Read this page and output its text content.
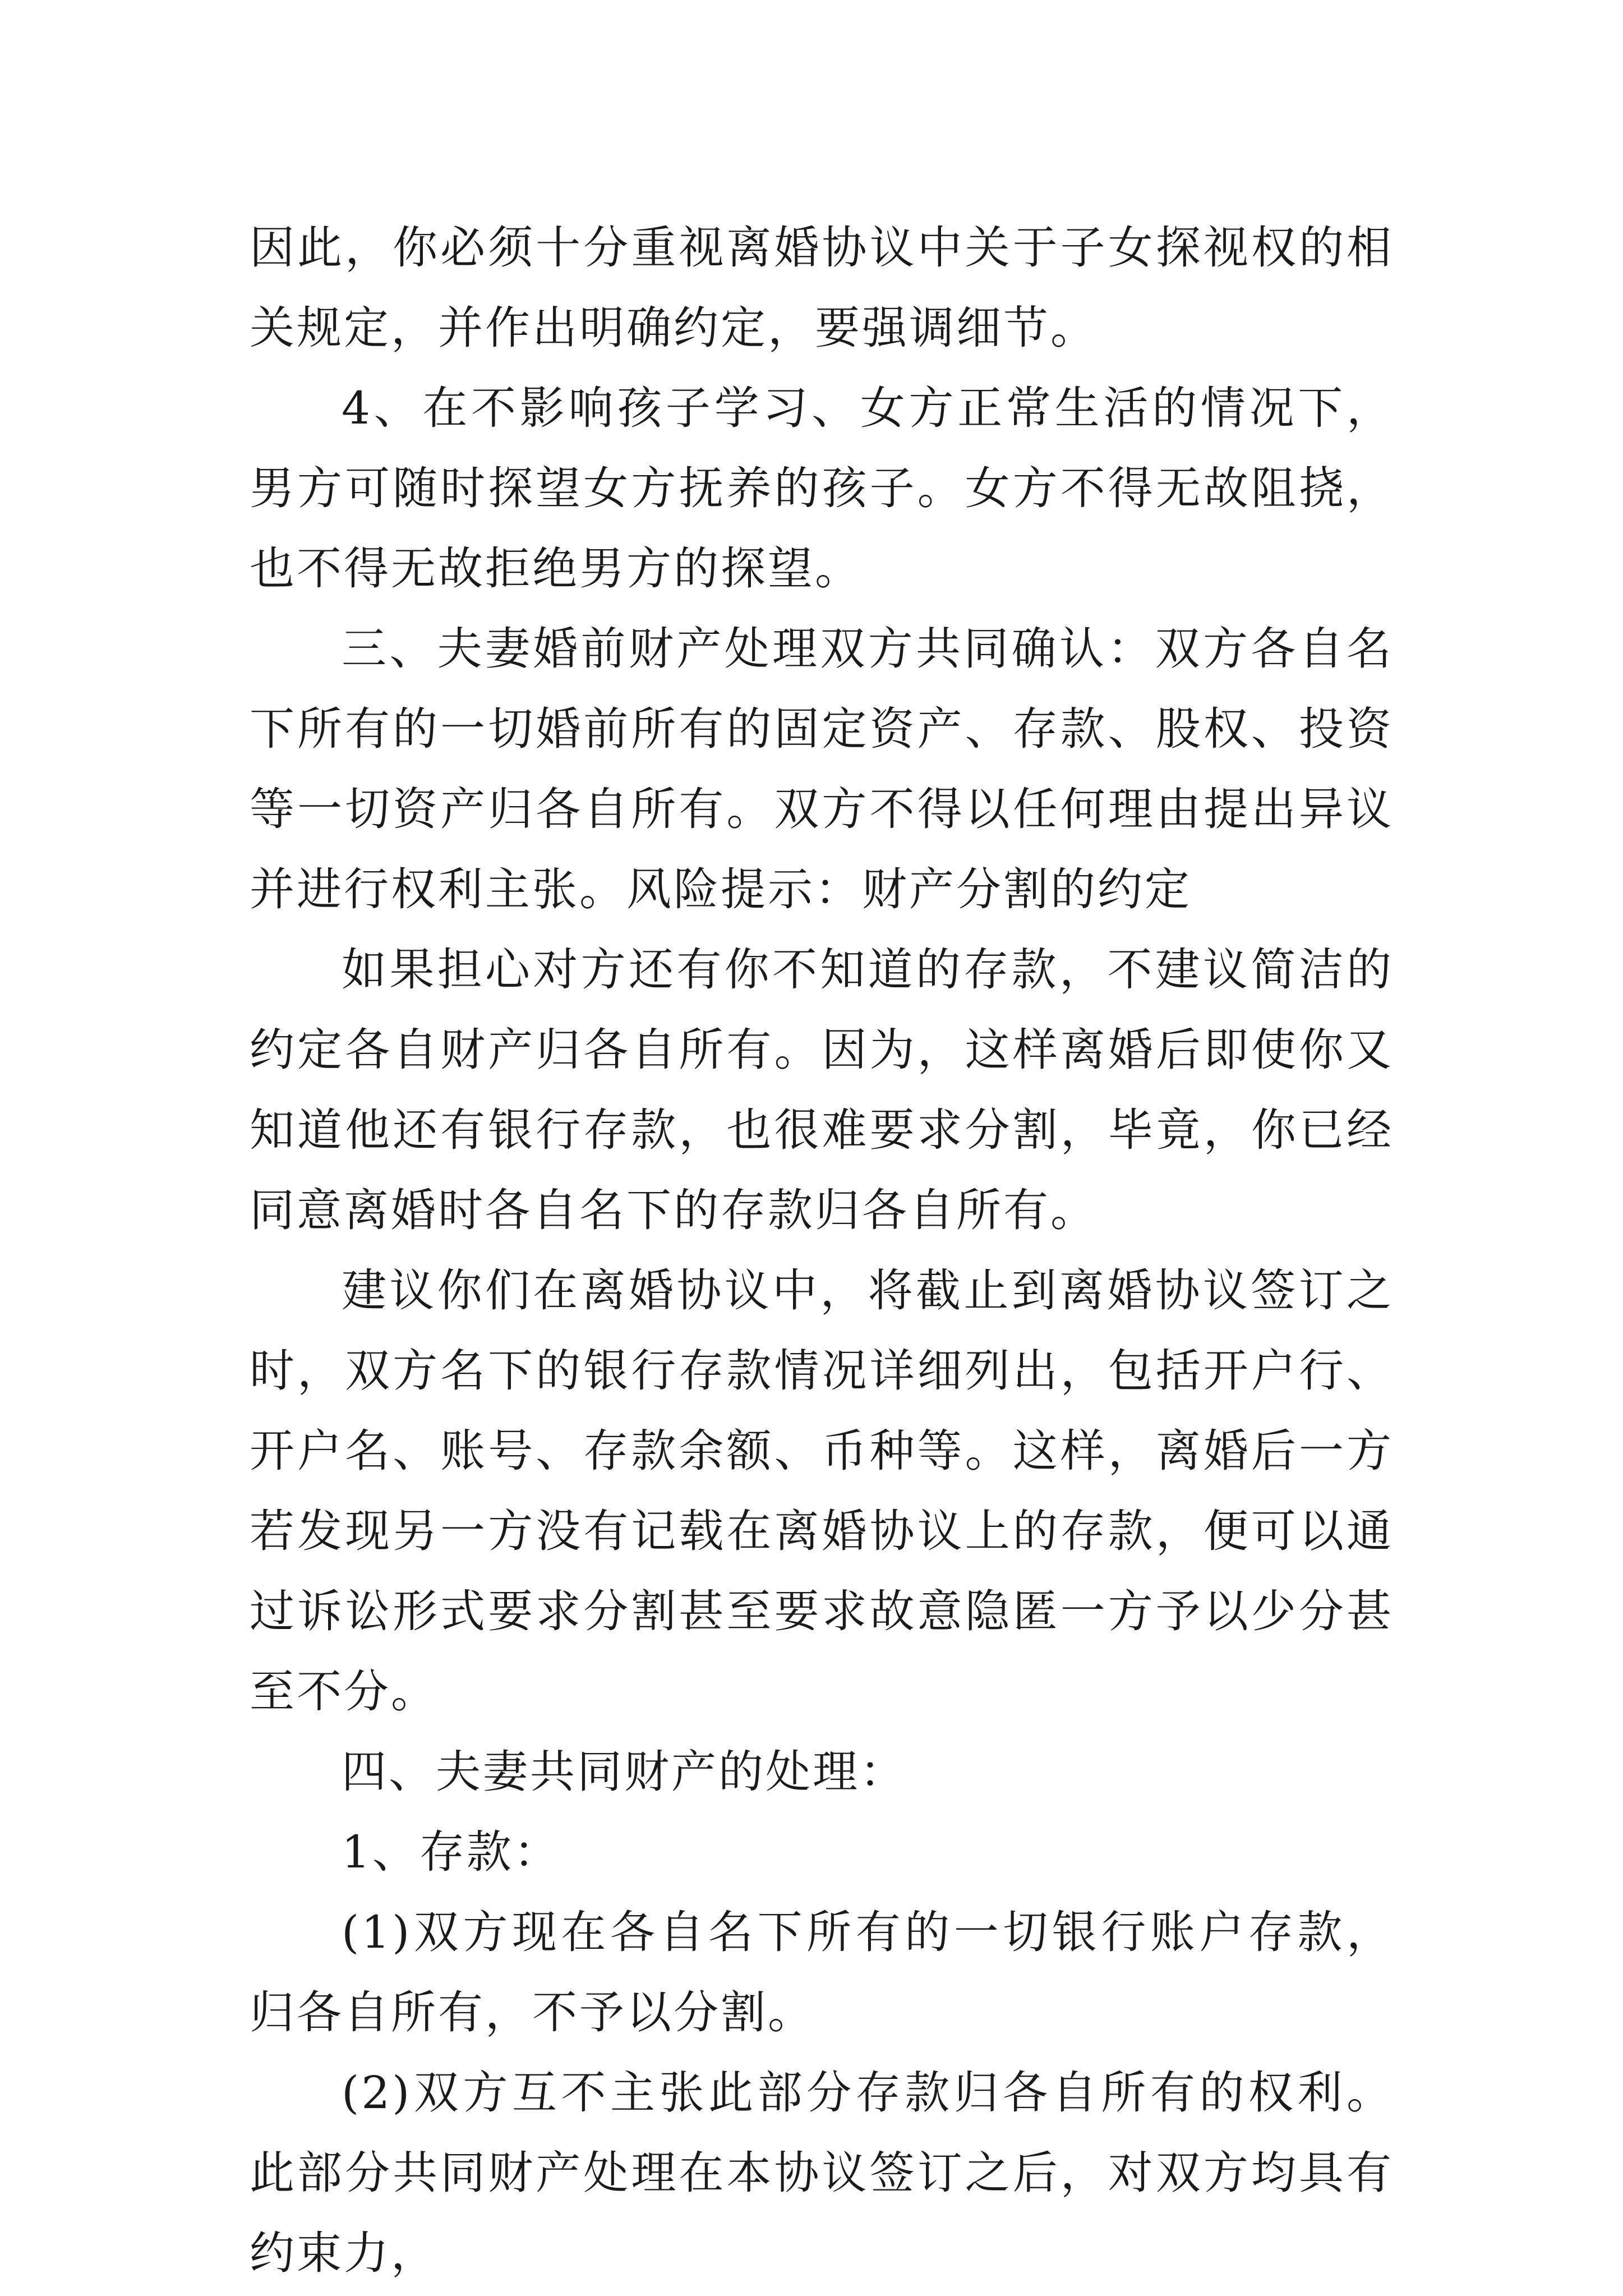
因此，你必须十分重视离婚协议中关于子女探视权的相关规定，并作出明确约定，要强调细节。

4、在不影响孩子学习、女方正常生活的情况下，男方可随时探望女方抚养的孩子。女方不得无故阻挠，也不得无故拒绝男方的探望。

三、夫妻婚前财产处理双方共同确认：双方各自名下所有的一切婚前所有的固定资产、存款、股权、投资等一切资产归各自所有。双方不得以任何理由提出异议并进行权利主张。风险提示：财产分割的约定

如果担心对方还有你不知道的存款，不建议简洁的约定各自财产归各自所有。因为，这样离婚后即使你又知道他还有银行存款，也很难要求分割，毕竟，你已经同意离婚时各自名下的存款归各自所有。

建议你们在离婚协议中，将截止到离婚协议签订之时，双方名下的银行存款情况详细列出，包括开户行、开户名、账号、存款余额、币种等。这样，离婚后一方若发现另一方没有记载在离婚协议上的存款，便可以通过诉讼形式要求分割甚至要求故意隐匿一方予以少分甚至不分。

四、夫妻共同财产的处理：

1、存款：

(1)双方现在各自名下所有的一切银行账户存款，归各自所有，不予以分割。

(2)双方互不主张此部分存款归各自所有的权利。此部分共同财产处理在本协议签订之后，对双方均具有约束力，
